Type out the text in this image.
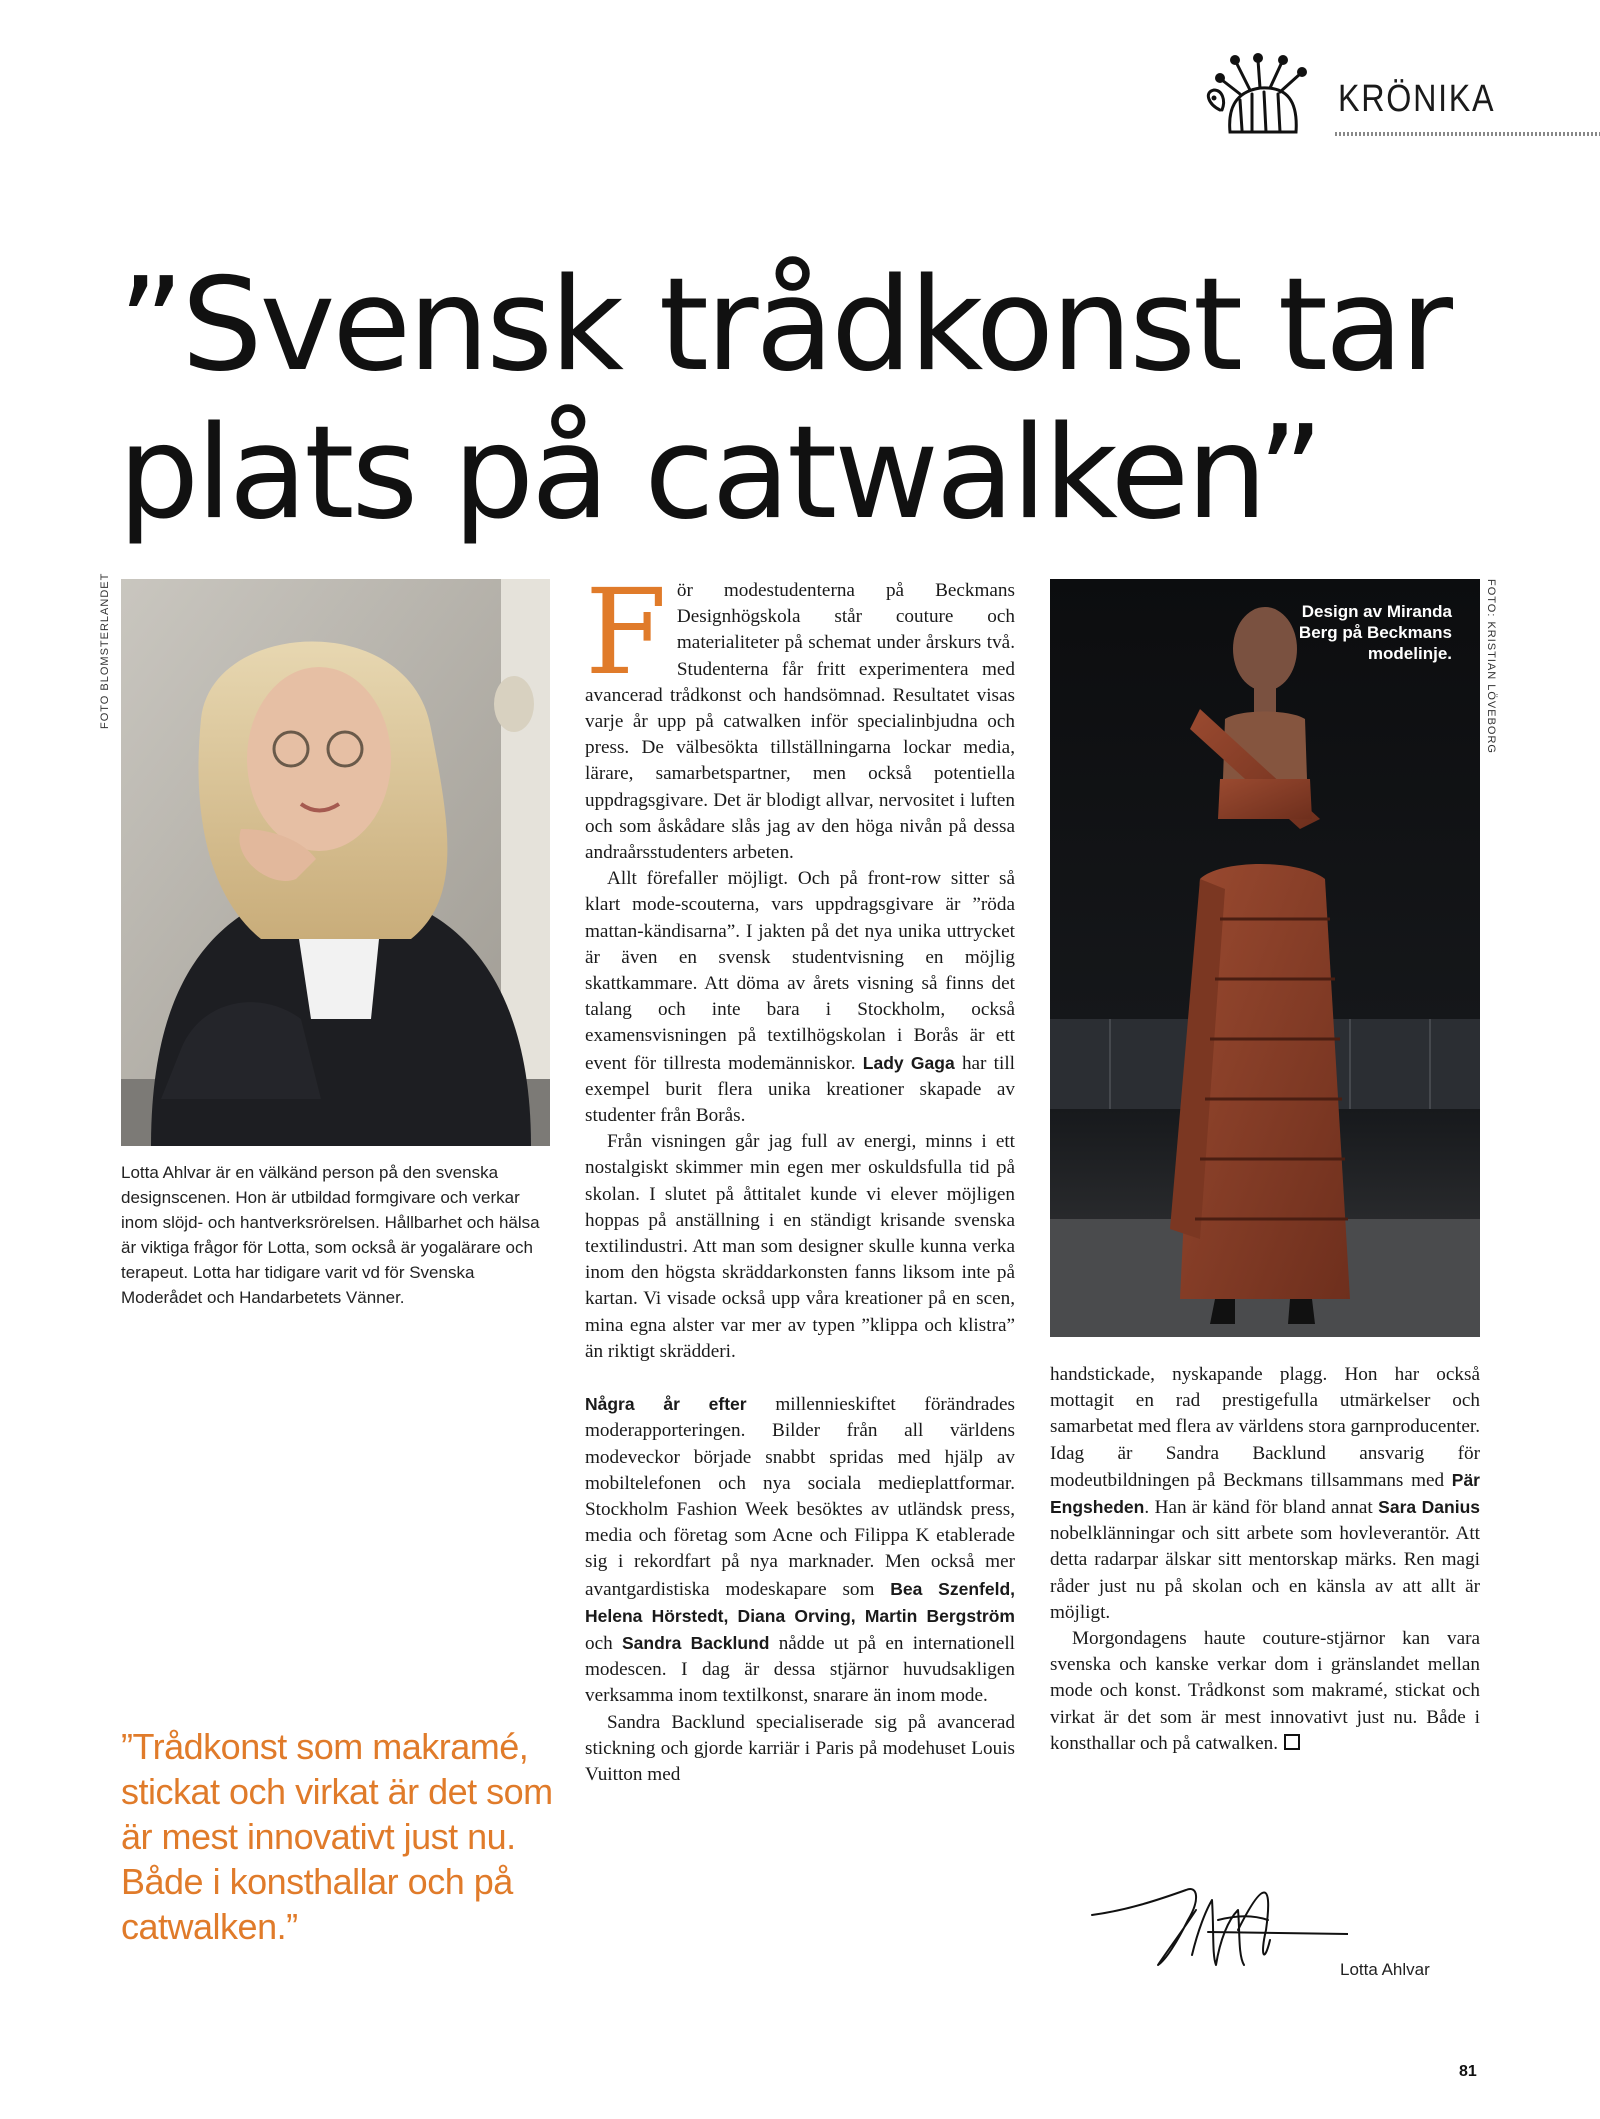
KRÖNIKA
”Svensk trådkonst tar
plats på catwalken”
FOTO BLOMSTERLANDET

Lotta Ahlvar är en välkänd person på den svenska designscenen. Hon är utbildad formgivare och verkar inom slöjd- och hantverksrörelsen. Hållbarhet och hälsa är viktiga frågor för Lotta, som också är yogalärare och terapeut. Lotta har tidigare varit vd för Svenska Moderådet och Handarbetets Vänner.

”Trådkonst som makramé, stickat och virkat är det som är mest innovativt just nu. Både i konsthallar och på catwalken.”

För modestudenterna på Beckmans Designhögskola står couture och materialiteter på schemat under årskurs två. Studenterna får fritt experimentera med avancerad trådkonst och handsömnad. Resultatet visas varje år upp på catwalken inför specialinbjudna och press. De välbesökta tillställningarna lockar media, lärare, samarbetspartner, men också potentiella uppdragsgivare. Det är blodigt allvar, nervositet i luften och som åskådare slås jag av den höga nivån på dessa andraårsstudenters arbeten.

Allt förefaller möjligt. Och på front-row sitter så klart mode-scouterna, vars uppdragsgivare är ”röda mattan-kändisarna”. I jakten på det nya unika uttrycket är även en svensk studentvisning en möjlig skattkammare. Att döma av årets visning så finns det talang och inte bara i Stockholm, också examensvisningen på textilhögskolan i Borås är ett event för tillresta modemänniskor. Lady Gaga har till exempel burit flera unika kreationer skapade av studenter från Borås.

Från visningen går jag full av energi, minns i ett nostalgiskt skimmer min egen mer oskuldsfulla tid på skolan. I slutet på åttitalet kunde vi elever möjligen hoppas på anställning i en ständigt krisande svenska textilindustri. Att man som designer skulle kunna verka inom den högsta skräddarkonsten fanns liksom inte på kartan. Vi visade också upp våra kreationer på en scen, mina egna alster var mer av typen ”klippa och klistra” än riktigt skrädderi.

Några år efter millennieskiftet förändrades moderapporteringen. Bilder från all världens modeveckor började snabbt spridas med hjälp av mobiltelefonen och nya sociala medieplattformar. Stockholm Fashion Week besöktes av utländsk press, media och företag som Acne och Filippa K etablerade sig i rekordfart på nya marknader. Men också mer avantgardistiska modeskapare som Bea Szenfeld, Helena Hörstedt, Diana Orving, Martin Bergström och Sandra Backlund nådde ut på en internationell modescen. I dag är dessa stjärnor huvudsakligen verksamma inom textilkonst, snarare än inom mode.

Sandra Backlund specialiserade sig på avancerad stickning och gjorde karriär i Paris på modehuset Louis Vuitton med

FOTO: KRISTIAN LÖVEBORG
Design av Miranda Berg på Beckmans modelinje.

handstickade, nyskapande plagg. Hon har också mottagit en rad prestigefulla utmärkelser och samarbetat med flera av världens stora garnproducenter. Idag är Sandra Backlund ansvarig för modeutbildningen på Beckmans tillsammans med Pär Engsheden. Han är känd för bland annat Sara Danius nobelklänningar och sitt arbete som hovleverantör. Att detta radarpar älskar sitt mentorskap märks. Ren magi råder just nu på skolan och en känsla av att allt är möjligt.

Morgondagens haute couture-stjärnor kan vara svenska och kanske verkar dom i gränslandet mellan mode och konst. Trådkonst som makramé, stickat och virkat är det som är mest innovativt just nu. Både i konsthallar och på catwalken.

Lotta Ahlvar
81
